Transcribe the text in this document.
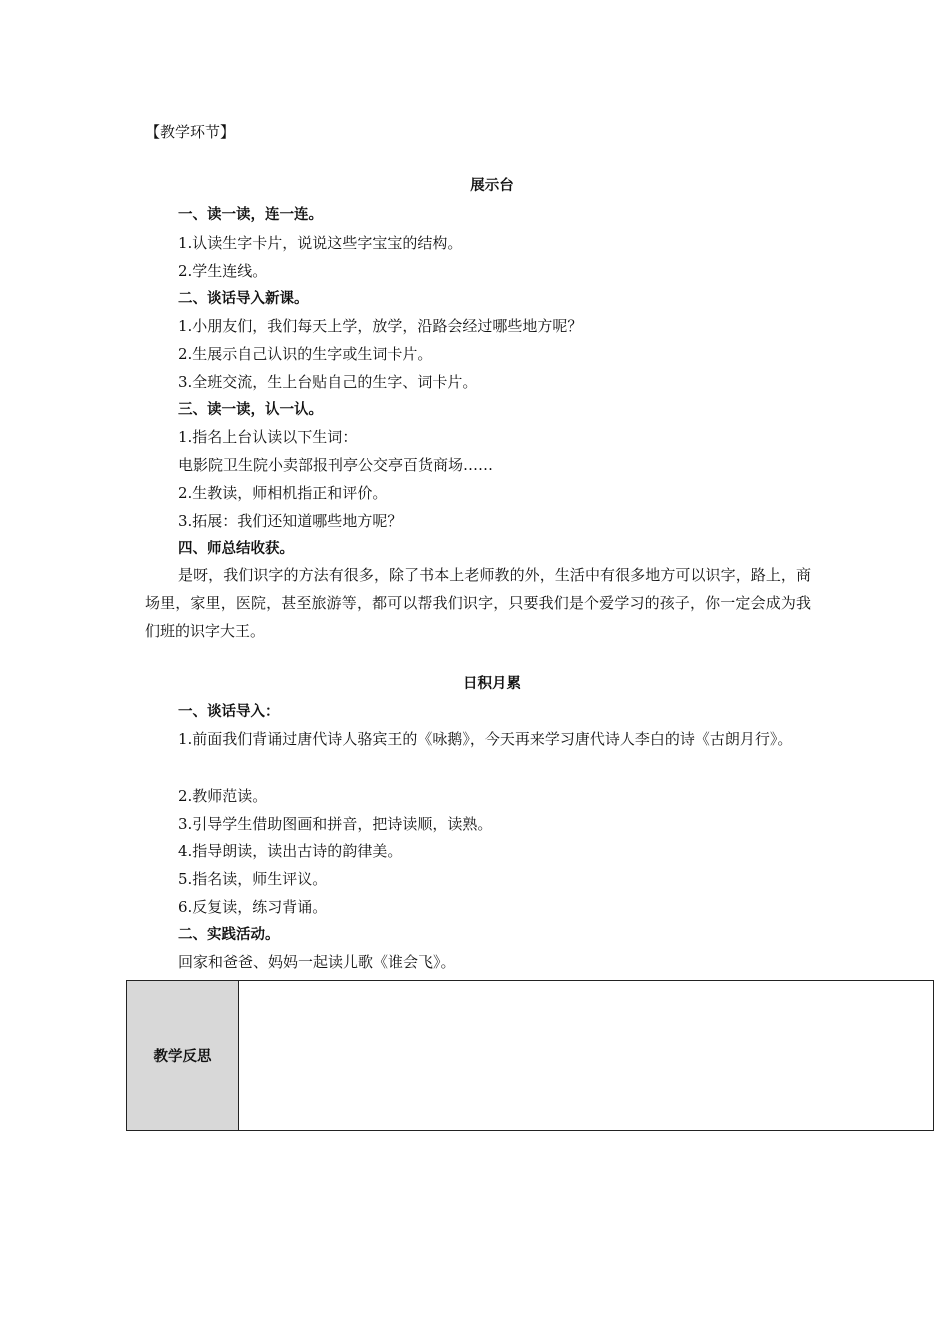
【教学环节】
展示台
一、读一读，连一连。
1.认读生字卡片，说说这些字宝宝的结构。
2.学生连线。
二、谈话导入新课。
1.小朋友们，我们每天上学，放学，沿路会经过哪些地方呢？
2.生展示自己认识的生字或生词卡片。
3.全班交流，生上台贴自己的生字、词卡片。
三、读一读，认一认。
1.指名上台认读以下生词：
电影院卫生院小卖部报刊亭公交亭百货商场……
2.生教读，师相机指正和评价。
3.拓展：我们还知道哪些地方呢？
四、师总结收获。
是呀，我们识字的方法有很多，除了书本上老师教的外，生活中有很多地方可以识字，路上，商场里，家里，医院，甚至旅游等，都可以帮我们识字，只要我们是个爱学习的孩子，你一定会成为我们班的识字大王。
日积月累
一、谈话导入：
1.前面我们背诵过唐代诗人骆宾王的《咏鹅》，今天再来学习唐代诗人李白的诗《古朗月行》。
2.教师范读。
3.引导学生借助图画和拼音，把诗读顺，读熟。
4.指导朗读，读出古诗的韵律美。
5.指名读，师生评议。
6.反复读，练习背诵。
二、实践活动。
回家和爸爸、妈妈一起读儿歌《谁会飞》。
教学反思
